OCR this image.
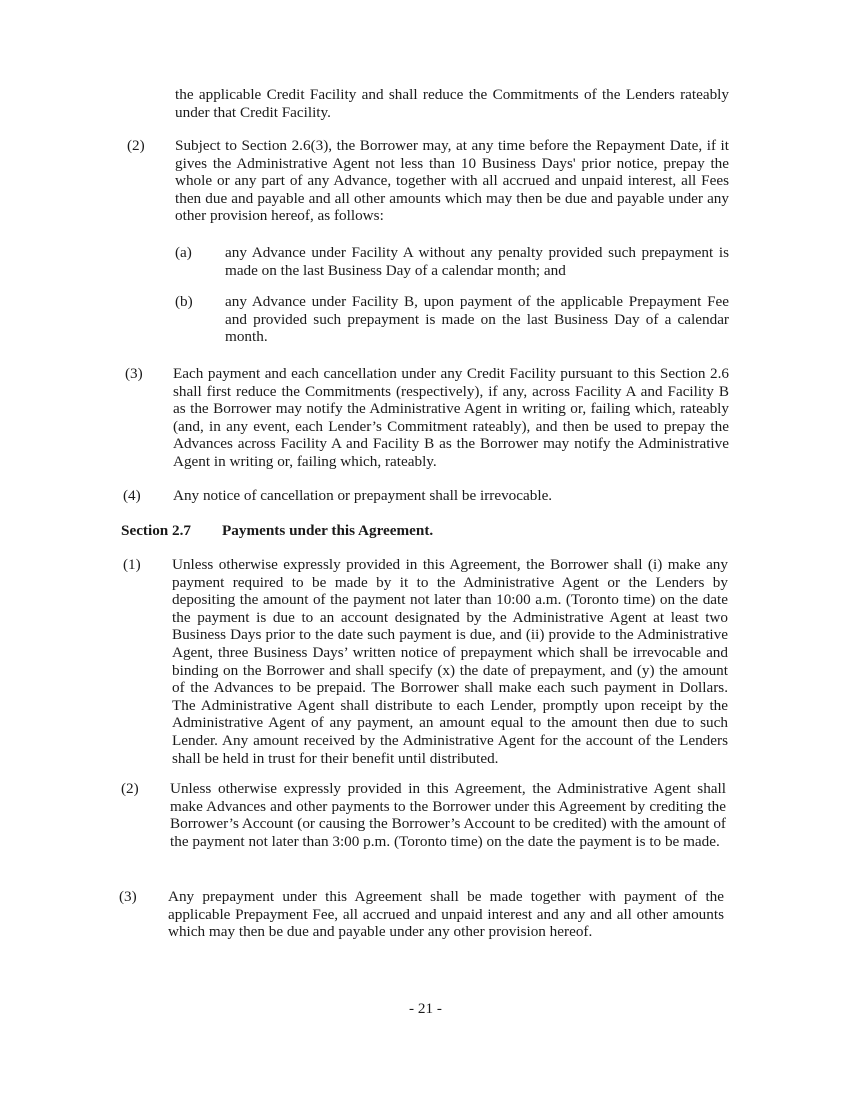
the applicable Credit Facility and shall reduce the Commitments of the Lenders rateably under that Credit Facility.

(2) Subject to Section 2.6(3), the Borrower may, at any time before the Repayment Date, if it gives the Administrative Agent not less than 10 Business Days' prior notice, prepay the whole or any part of any Advance, together with all accrued and unpaid interest, all Fees then due and payable and all other amounts which may then be due and payable under any other provision hereof, as follows:

(a) any Advance under Facility A without any penalty provided such prepayment is made on the last Business Day of a calendar month; and

(b) any Advance under Facility B, upon payment of the applicable Prepayment Fee and provided such prepayment is made on the last Business Day of a calendar month.

(3) Each payment and each cancellation under any Credit Facility pursuant to this Section 2.6 shall first reduce the Commitments (respectively), if any, across Facility A and Facility B as the Borrower may notify the Administrative Agent in writing or, failing which, rateably (and, in any event, each Lender’s Commitment rateably), and then be used to prepay the Advances across Facility A and Facility B as the Borrower may notify the Administrative Agent in writing or, failing which, rateably.

(4) Any notice of cancellation or prepayment shall be irrevocable.

Section 2.7 Payments under this Agreement.
(1) Unless otherwise expressly provided in this Agreement, the Borrower shall (i) make any payment required to be made by it to the Administrative Agent or the Lenders by depositing the amount of the payment not later than 10:00 a.m. (Toronto time) on the date the payment is due to an account designated by the Administrative Agent at least two Business Days prior to the date such payment is due, and (ii) provide to the Administrative Agent, three Business Days’ written notice of prepayment which shall be irrevocable and binding on the Borrower and shall specify (x) the date of prepayment, and (y) the amount of the Advances to be prepaid. The Borrower shall make each such payment in Dollars. The Administrative Agent shall distribute to each Lender, promptly upon receipt by the Administrative Agent of any payment, an amount equal to the amount then due to such Lender. Any amount received by the Administrative Agent for the account of the Lenders shall be held in trust for their benefit until distributed.

(2) Unless otherwise expressly provided in this Agreement, the Administrative Agent shall make Advances and other payments to the Borrower under this Agreement by crediting the Borrower’s Account (or causing the Borrower’s Account to be credited) with the amount of the payment not later than 3:00 p.m. (Toronto time) on the date the payment is to be made.

(3) Any prepayment under this Agreement shall be made together with payment of the applicable Prepayment Fee, all accrued and unpaid interest and any and all other amounts which may then be due and payable under any other provision hereof.

- 21 -
